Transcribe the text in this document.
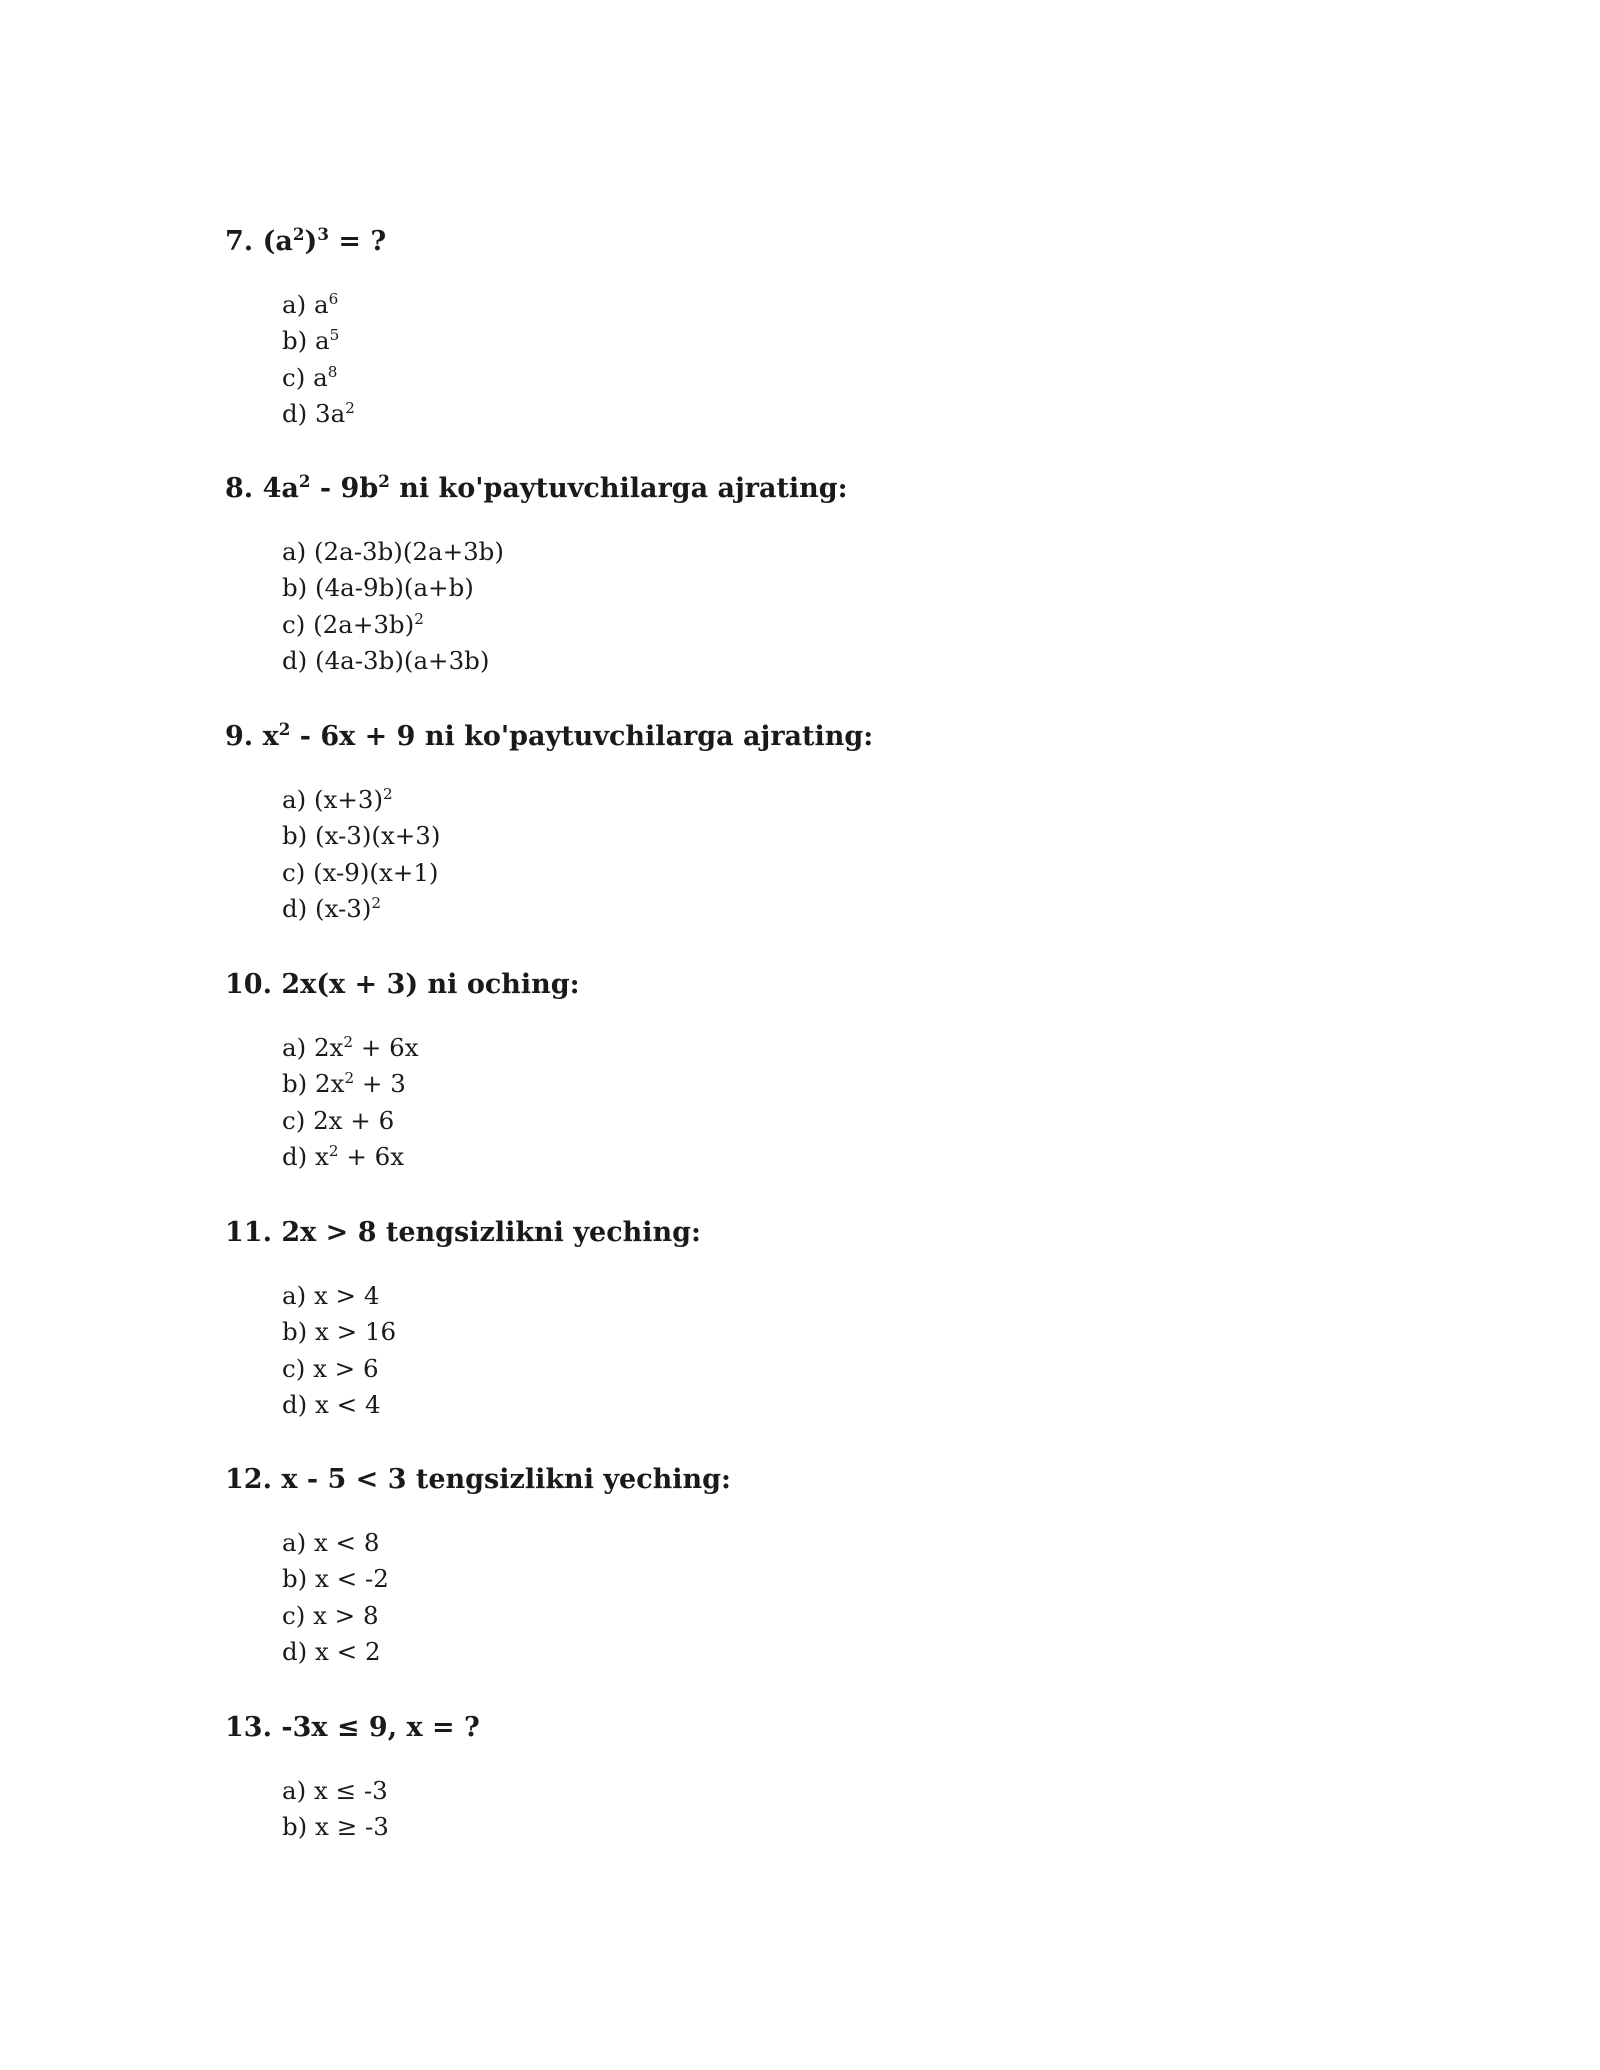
7. $(a^2)^3$ = ?

a) $a^6$
b) $a^5$
c) $a^8$
d) $3a^2$

8. $4a^2 - 9b^2$ ni ko'paytuvchilarga ajrating:

a) (2a-3b)(2a+3b)
b) (4a-9b)(a+b)
c) $(2a+3b)^2$
d) (4a-3b)(a+3b)

9. $x^2 - 6x + 9$ ni ko'paytuvchilarga ajrating:

a) $(x+3)^2$
b) (x-3)(x+3)
c) (x-9)(x+1)
d) $(x-3)^2$

10. 2x(x + 3) ni oching:

a) $2x^2 + 6x$
b) $2x^2 + 3$
c) 2x + 6
d) $x^2 + 6x$

11. 2x > 8 tengsizlikni yeching:

a) x > 4
b) x > 16
c) x > 6
d) x < 4

12. x - 5 < 3 tengsizlikni yeching:

a) x < 8
b) x < -2
c) x > 8
d) x < 2

13. -3x ≤ 9, x = ?

a) x ≤ -3
b) x ≥ -3
